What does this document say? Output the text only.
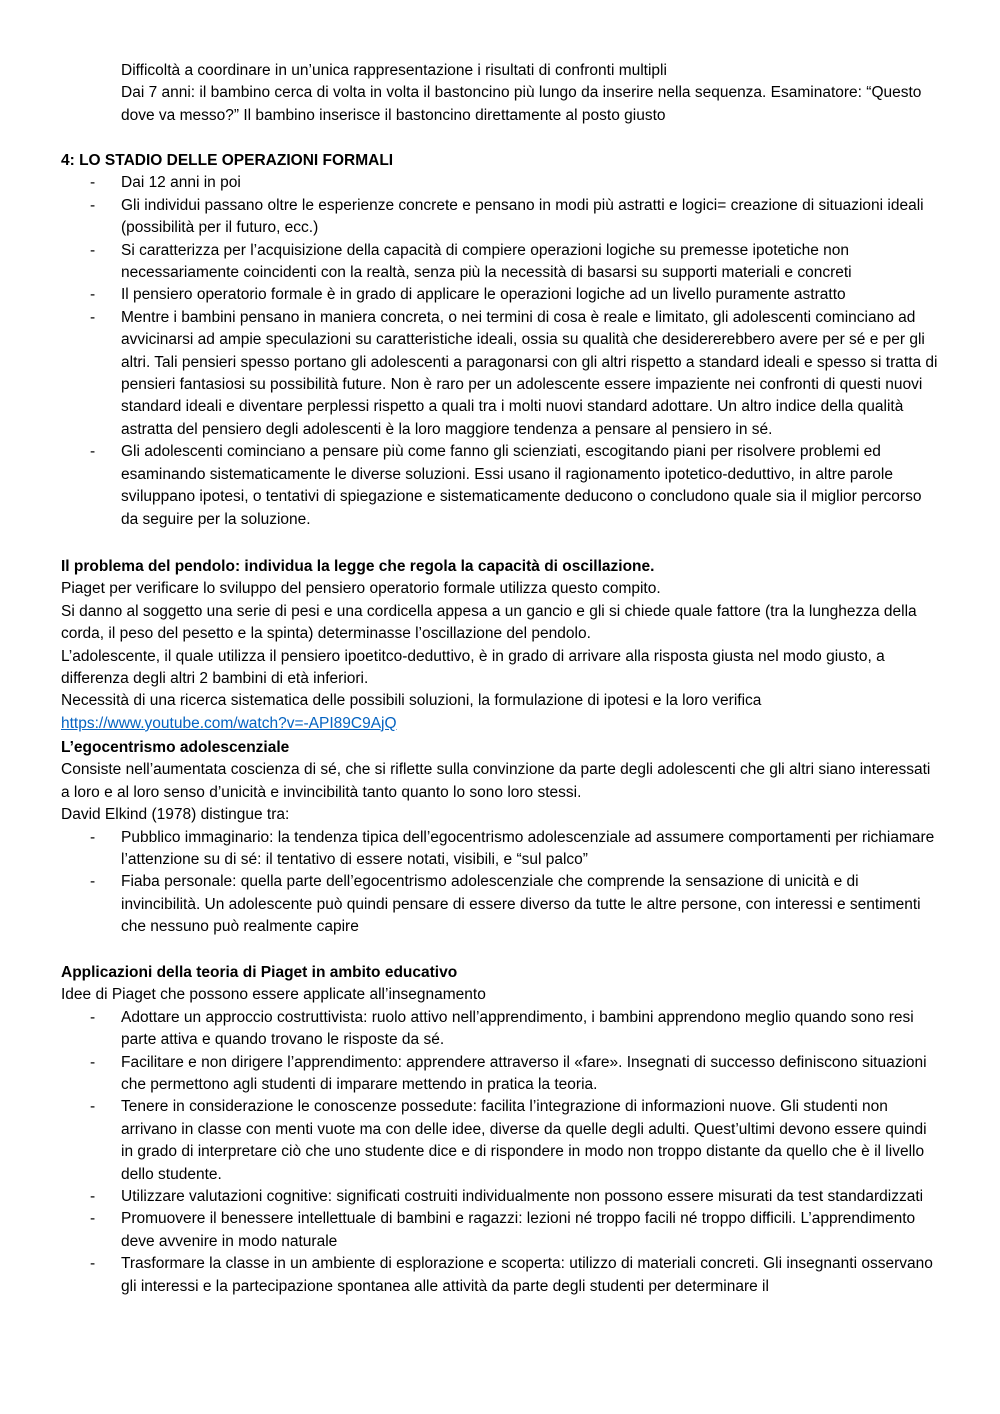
Difficoltà a coordinare in un’unica rappresentazione i risultati di confronti multipli

Dai 7 anni: il bambino cerca di volta in volta il bastoncino più lungo da inserire nella sequenza. Esaminatore: “Questo dove va messo?” Il bambino inserisce il bastoncino direttamente al posto giusto

4: LO STADIO DELLE OPERAZIONI FORMALI

- Dai 12 anni in poi
- Gli individui passano oltre le esperienze concrete e pensano in modi più astratti e logici= creazione di situazioni ideali (possibilità per il futuro, ecc.)
- Si caratterizza per l’acquisizione della capacità di compiere operazioni logiche su premesse ipotetiche non necessariamente coincidenti con la realtà, senza più la necessità di basarsi su supporti materiali e concreti
- Il pensiero operatorio formale è in grado di applicare le operazioni logiche ad un livello puramente astratto
- Mentre i bambini pensano in maniera concreta, o nei termini di cosa è reale e limitato, gli adolescenti cominciano ad avvicinarsi ad ampie speculazioni su caratteristiche ideali, ossia su qualità che desidererebbero avere per sé e per gli altri. Tali pensieri spesso portano gli adolescenti a paragonarsi con gli altri rispetto a standard ideali e spesso si tratta di pensieri fantasiosi su possibilità future. Non è raro per un adolescente essere impaziente nei confronti di questi nuovi standard ideali e diventare perplessi rispetto a quali tra i molti nuovi standard adottare. Un altro indice della qualità astratta del pensiero degli adolescenti è la loro maggiore tendenza a pensare al pensiero in sé.
- Gli adolescenti cominciano a pensare più come fanno gli scienziati, escogitando piani per risolvere problemi ed esaminando sistematicamente le diverse soluzioni. Essi usano il ragionamento ipotetico-deduttivo, in altre parole sviluppano ipotesi, o tentativi di spiegazione e sistematicamente deducono o concludono quale sia il miglior percorso da seguire per la soluzione.

Il problema del pendolo: individua la legge che regola la capacità di oscillazione.

Piaget per verificare lo sviluppo del pensiero operatorio formale utilizza questo compito.

Si danno al soggetto una serie di pesi e una cordicella appesa a un gancio e gli si chiede quale fattore (tra la lunghezza della corda, il peso del pesetto e la spinta) determinasse l’oscillazione del pendolo.

L’adolescente, il quale utilizza il pensiero ipoetitco-deduttivo, è in grado di arrivare alla risposta giusta nel modo giusto, a differenza degli altri 2 bambini di età inferiori.

Necessità di una ricerca sistematica delle possibili soluzioni, la formulazione di ipotesi e la loro verifica

https://www.youtube.com/watch?v=-API89C9AjQ

L’egocentrismo adolescenziale

Consiste nell’aumentata coscienza di sé, che si riflette sulla convinzione da parte degli adolescenti che gli altri siano interessati a loro e al loro senso d’unicità e invincibilità tanto quanto lo sono loro stessi.

David Elkind (1978) distingue tra:

- Pubblico immaginario: la tendenza tipica dell’egocentrismo adolescenziale ad assumere comportamenti per richiamare l’attenzione su di sé: il tentativo di essere notati, visibili, e “sul palco”
- Fiaba personale: quella parte dell’egocentrismo adolescenziale che comprende la sensazione di unicità e di invincibilità. Un adolescente può quindi pensare di essere diverso da tutte le altre persone, con interessi e sentimenti che nessuno può realmente capire

Applicazioni della teoria di Piaget in ambito educativo

Idee di Piaget che possono essere applicate all’insegnamento

- Adottare un approccio costruttivista: ruolo attivo nell’apprendimento, i bambini apprendono meglio quando sono resi parte attiva e quando trovano le risposte da sé.
- Facilitare e non dirigere l’apprendimento: apprendere attraverso il «fare». Insegnati di successo definiscono situazioni che permettono agli studenti di imparare mettendo in pratica la teoria.
- Tenere in considerazione le conoscenze possedute: facilita l’integrazione di informazioni nuove. Gli studenti non arrivano in classe con menti vuote ma con delle idee, diverse da quelle degli adulti. Quest’ultimi devono essere quindi in grado di interpretare ciò che uno studente dice e di rispondere in modo non troppo distante da quello che è il livello dello studente.
- Utilizzare valutazioni cognitive: significati costruiti individualmente non possono essere misurati da test standardizzati
- Promuovere il benessere intellettuale di bambini e ragazzi: lezioni né troppo facili né troppo difficili. L’apprendimento deve avvenire in modo naturale
- Trasformare la classe in un ambiente di esplorazione e scoperta: utilizzo di materiali concreti. Gli insegnanti osservano gli interessi e la partecipazione spontanea alle attività da parte degli studenti per determinare il
